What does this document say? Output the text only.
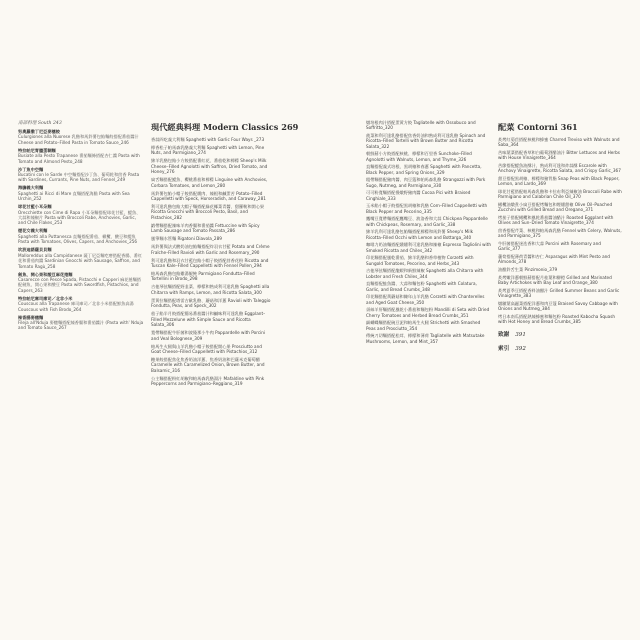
南部料理 South 243
努奧羅撒丁尼亞麥穗餃
Culurgiones alla Nuorese 乳酪和馬鈴薯包餡麵餃搭配番茄醬汁 Cheese and Potato–Filled Pasta in Tomato Sauce_246
特拉帕尼青醬蛋糊麵
Busiate alla Pesto Trapanese 番茄麵條搭配杏仁醬 Pasta with Tomato and Almond Pesto_248
沙丁魚中空麵
Bucatini con le Sarde 中空麵搭配沙丁魚、葡萄乾和茴香 Pasta with Sardines, Currants, Pine Nuts, and Fennel_249
海膽義大利麵
Spaghetti ai Ricci di Mare 直麵搭配海膽 Pasta with Sea Urchin_252
球花甘藍小耳朵麵
Orecchiette con Cime di Rapa 小耳朵麵搭配球花甘藍、鯷魚、大蒜和辣椒片 Pasta with Broccoli Rabe, Anchovies, Garlic, and Chile Flakes_253
煙花女義大利麵
Spaghetti alla Puttanesca 直麵搭配番茄、橄欖、酸豆和鯷魚 Pasta with Tomatoes, Olives, Capers, and Anchovies_256
坎波迪諾薩貝貝麵
Malloreddus alla Campidanese 薩丁尼亞麵疙瘩搭配香腸、番紅花和番茄肉醬 Sardinian Gnocchi with Sausage, Saffron, and Tomato Ragù_258
劍魚、開心果和酸豆麻花捲麵
Casarecce con Pesce Spada, Pistacchi e Capperi 麻花捲麵搭配劍魚、開心果和酸豆 Pasta with Swordfish, Pistachios, and Capers_263
特拉帕尼庫司庫司／北非小米
Couscous alla Trapanese 庫司庫司／北非小米搭配鮮魚高湯 Couscous with Fish Brodo_264
辣香腸麥穗麵
Fileja all'Nduja 麥穗麵搭配辣香腸和番茄醬汁 (Pasta with' Nduja and Tomato Sauce_267
現代經典料理 Modern Classics 269
香蒜四吃義大利麵 Spaghetti with Garlic Four Ways _273
檸香松子帕馬森乳酪義大利麵 Spaghetti with Lemon, Pine Nuts, and Parmigiano_274
綿羊乳酪包餡小方餃搭配番紅花、番茄乾和檸檬 Sheep's Milk Cheese–Filled Agnolotti with Saffron, Dried Tomato, and Honey_276
扁舌麵搭配鯷魚、櫻桃番茄和檸檬 Linguine with Anchovies, Corbara Tomatoes, and Lemon_280
馬鈴薯包餡小帽子餃搭配燻肉、辣根和鹹蛋苦 Potato–Filled Cappelletti with Speck, Horseradish, and Caraway_281
利可達乳酪包餡大帽子麵搭配綠花椰菜青醬、甜羅勒和開心果 Ricotta Gnocchi with Broccoli Pesto, Basil, and Pistachios_282
緞帶麵搭配辣味羊肉香腸和番茄醬 Fettuccine with Spicy Lamb Sausage and Tomato Passata_286
風箏麵水管麵 Rigatoni Diavola_289
馬鈴薯與法式酸奶油包餡麵搭配炸羽衣甘藍 Potato and Crème Fraîche–Filled Ravioli with Garlic and Rosemary_290
利可達乳酪和羽衣甘藍包餡小帽子餃搭配茴香花粉 Ricotta and Tuscan Kale–Filled Cappelletti with Fennel Pollen_294
帕馬森乳酪包餡雞湯餛飩 Parmigiano Fondutta–Filled Tortellini in Brodo_298
吉他琴弦麵搭配野韭菜、檸檬和熟成利可達乳酪 Spaghetti alla Chitarra with Ramps, Lemon, and Ricotta Salata_300
蛋黃拉麵搭配塔雷吉歐乳酪、蘑菇和洋蔥 Ravioli with Taleggio Fondutta, Peas, and Speck_302
茄子餡半月餃搭配簡易番茄醬汁和鹹味利可達乳酪 Eggplant–Filled Mezzelune with Simple Sauce and Ricotta Salata_306
寬帶麵搭配牛肝菌和波隆那小牛肉 Pappardelle with Porcini and Veal Bolognese_309
帕馬生火腿與山羊乳酪小帽子餃搭配開心果 Prosciutto and Goat Cheese–Filled Cappelletti with Pistachios_312
糖果餃搭配焦化焦香奶油洋蔥、焦香奶油和巴薩米克葡萄醋 Caramelle with Caramelized Onion, Brown Butter, and Balsamic_316
公主麵搭配粉紅胡椒和帕馬森乳酪湯汁 Mafaldine with Pink Peppercorns and Parmigiano–Reggiano_319
燉培根肉汁搭配蛋黃方餃 Tagliatelle with Ossobuco and Soffritto_320
菠菜和利可達乳酪搭配焦香奶油和熟成利可達乳酪 Spinach and Ricotta–Filled Tortelli with Brown Butter and Ricotta Salata_322
朝鮮薊小方餃搭配核桃、檸檬和百里香 Sunchoke–Filled Agnolotti with Walnuts, Lemon, and Thyme_326
直麵搭配義式培根、黑胡椒和春蔥 Spaghetti with Pancetta, Black Pepper, and Spring Onions_329
粗帶麵搭配豬肉醬、肉豆蔻和帕馬森乳酪 Strangozzi with Pork Sugo, Nutmeg, and Parmigiano_330
可可粉寬麵搭配慢燉野豬肉醬 Cocoa Pici with Braised Cinghiale_333
玉米餡小帽子餃搭配黑胡椒和乳酪 Corn–Filled Cappelletti with Black Pepper and Pecorino_335
鷹嘴豆寬帶麵搭配鷹嘴豆、波洛香和大蒜 Chickpea Pappardelle with Chickpeas, Rosemary, and Garlic_338
綿羊乳利可達乳酪包餡麵搭配檸檬和馬鈴薯 Sheep's Milk Ricotta–Filled Occhi with Lemon and Bottarga_340
咖啡力奶油麵搭配燻燻利可達乳酪和辣椒 Espresso Tagliolini with Smoked Ricotta and Chiles_342
印花麵搭配風乾番茄、綿羊乳酪和香草植物 Corzetti with Sungold Tomatoes, Pecorino, and Herbs_343
吉他琴弦麵搭配龍蝦和新鮮辣椒 Spaghetti alla Chitarra with Lobster and Fresh Chiles_344
直麵搭配鮭魚醬、大蒜和麵包粉 Spaghetti with Colatura, Garlic, and Bread Crumbs_348
印花麵搭配黃蘑菇和陳年山羊乳酪 Corzetti with Chanterelles and Aged Goat Cheese_350
須絲羊肝麵搭配風乾小番茄和麵包粉 Mandilli di Seta with Dried Cherry Tomatoes and Herbed Bread Crumbs_351
細蝴蝶麵搭配碗豆泥和帕馬生火腿 Strichetti with Smashed Peas and Prosciutto_354
傳統刀切麵搭配松茸、檸檬和薄荷 Tagliatelle with Matsutake Mushrooms, Lemon, and Mint_357
配菜 Contorni 361
炙烤紅菊苣搭配核桃和蜂蜜 Charred Treviso with Walnuts and Saba_364
苦味葉菜搭配香草和白葡萄酒醋油汁 Bitter Lettuces and Herbs with House Vinaigrette_364
苦節搭配鯷魚油酥汁、熟成利可達和炸蒜酥 Escarole with Anchovy Vinaigrette, Ricotta Salata, and Crispy Garlic_367
甜豆搭配黑胡椒、檸檬和豬背脂 Snap Peas with Black Pepper, Lemon, and Lardo_369
球花甘藍搭配帕馬森乳酪和卡拉布利亞辣椒油 Broccoli Rabe with Parmigiano and Calabrian Chile Oil_370
橄欖油燉煮小扁豆搭配烤麵包和煙燻甜椒 Olive Oil–Poached Zucchini with Grilled Bread and Oregano_371
烤茄子搭配橄欖和風乾番茄醬油醋汁 Roasted Eggplant with Olives and Sun–Dried Tomato Vinaigrette_374
茴香搭配芹菜、核桃和帕馬森乳酪 Fennel with Celery, Walnuts, and Parmigiano_375
牛肝菌搭配迷迭香和大蒜 Porcini with Rosemary and Garlic_377
蘆筍搭配薄荷青醬和杏仁 Asparagus with Mint Pesto and Almonds_378
油醋鈴舌生菜 Pinzimonio_379
炙烤嫩洋蔥朝鮮薊搭配月桂葉和柳橙 Grilled and Marinated Baby Artichokes with Bay Leaf and Orange_380
炙烤夏季豆搭配香料油醋汁 Grilled Summer Beans and Garlic Vinaigrette_383
燉皺葉高麗菜搭配洋蔥和肉豆蔻 Braised Savoy Cabbage with Onions and Nutmeg_384
烤日本南瓜搭配熱辣蜂蜜和麵包粉 Roasted Kabocha Squash with Hot Honey and Bread Crumbs_385
致謝 391
索引 392
